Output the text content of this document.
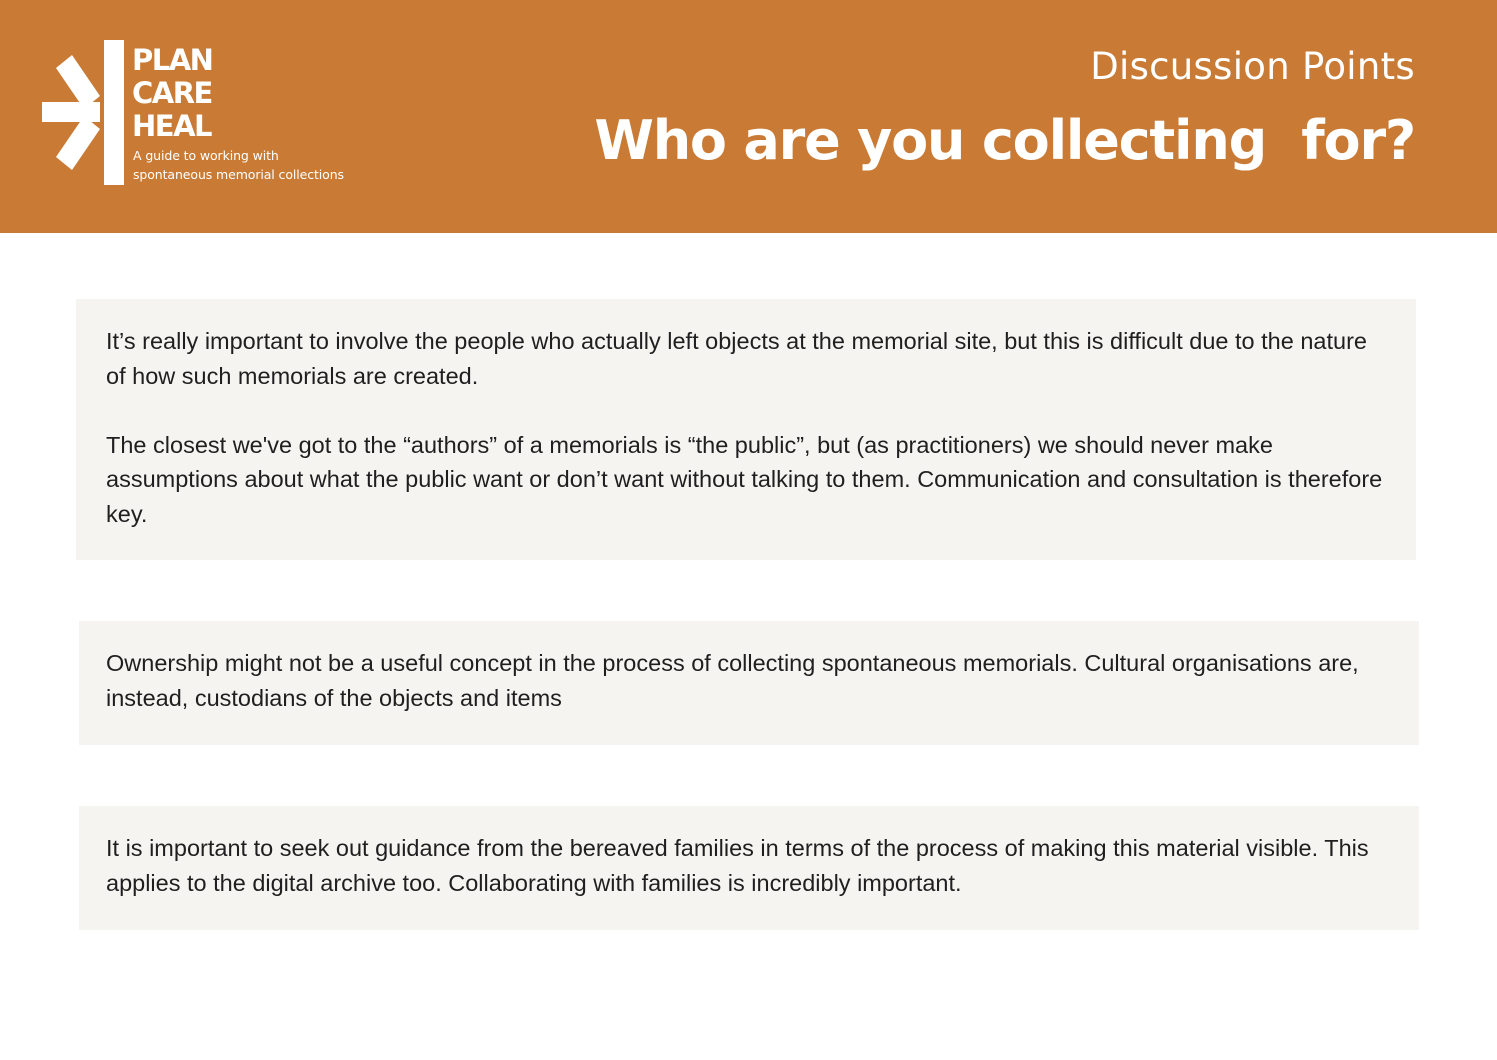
PLAN
CARE
HEAL
A guide to working with
spontaneous memorial collections
Discussion Points
Who are you collecting  for?

It’s really important to involve the people who actually left objects at the memorial site, but this is difficult due to the nature of how such memorials are created.

The closest we've got to the “authors” of a memorials is “the public”, but (as practitioners) we should never make assumptions about what the public want or don’t want without talking to them. Communication and consultation is therefore key.

Ownership might not be a useful concept in the process of collecting spontaneous memorials. Cultural organisations are, instead, custodians of the objects and items

It is important to seek out guidance from the bereaved families in terms of the process of making this material visible. This applies to the digital archive too. Collaborating with families is incredibly important.
